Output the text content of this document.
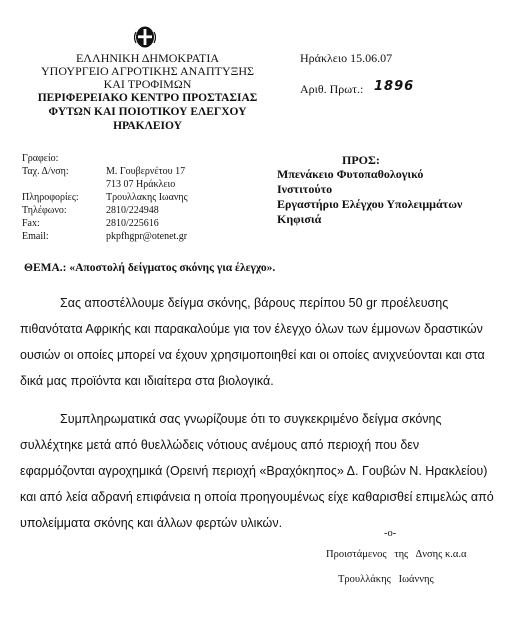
ΕΛΛΗΝΙΚΗ ΔΗΜΟΚΡΑΤΙΑ
ΥΠΟΥΡΓΕΙΟ ΑΓΡΟΤΙΚΗΣ ΑΝΑΠΤΥΞΗΣ
ΚΑΙ ΤΡΟΦΙΜΩΝ
ΠΕΡΙΦΕΡΕΙΑΚΟ ΚΕΝΤΡΟ ΠΡΟΣΤΑΣΙΑΣ
ΦΥΤΩΝ ΚΑΙ ΠΟΙΟΤΙΚΟΥ ΕΛΕΓΧΟΥ
ΗΡΑΚΛΕΙΟΥ
Ηράκλειο 15.06.07
Αριθ. Πρωτ.: 1896
Γραφείο:
Ταχ. Δ/νση:	Μ. Γουβερνέτου 17
713 07 Ηράκλειο
Πληροφορίες:	Τρουλλακης Ιωανης
Τηλέφωνο:	2810/224948
Fax:	2810/225616
Email:	pkpfhgpr@otenet.gr
ΠΡΟΣ:
Μπενάκειο Φυτοπαθολογικό
Ινστιτούτο
Εργαστήριο Ελέγχου Υπολειμμάτων
Κηφισιά
ΘΕΜΑ.: «Αποστολή δείγματος σκόνης για έλεγχο».
Σας αποστέλλουμε δείγμα σκόνης, βάρους περίπου 50 gr προέλευσης
πιθανότατα Αφρικής και παρακαλούμε για τον έλεγχο όλων των έμμονων δραστικών
ουσιών οι οποίες μπορεί να έχουν χρησιμοποιηθεί και οι οποίες ανιχνεύονται και στα
δικά μας προϊόντα και ιδιαίτερα στα βιολογικά.
Συμπληρωματικά σας γνωρίζουμε ότι το συγκεκριμένο δείγμα σκόνης
συλλέχτηκε μετά από θυελλώδεις νότιους ανέμους από περιοχή που δεν
εφαρμόζονται αγροχημικά (Ορεινή περιοχή «Βραχόκηπος» Δ. Γουβών Ν. Ηρακλείου)
και από λεία αδρανή επιφάνεια η οποία προηγουμένως είχε καθαρισθεί επιμελώς από
υπολείμματα σκόνης και άλλων φερτών υλικών.
-ο-
Προιστάμενος   της   Δνσης κ.α.α
Τρουλλάκης   Ιωάννης
